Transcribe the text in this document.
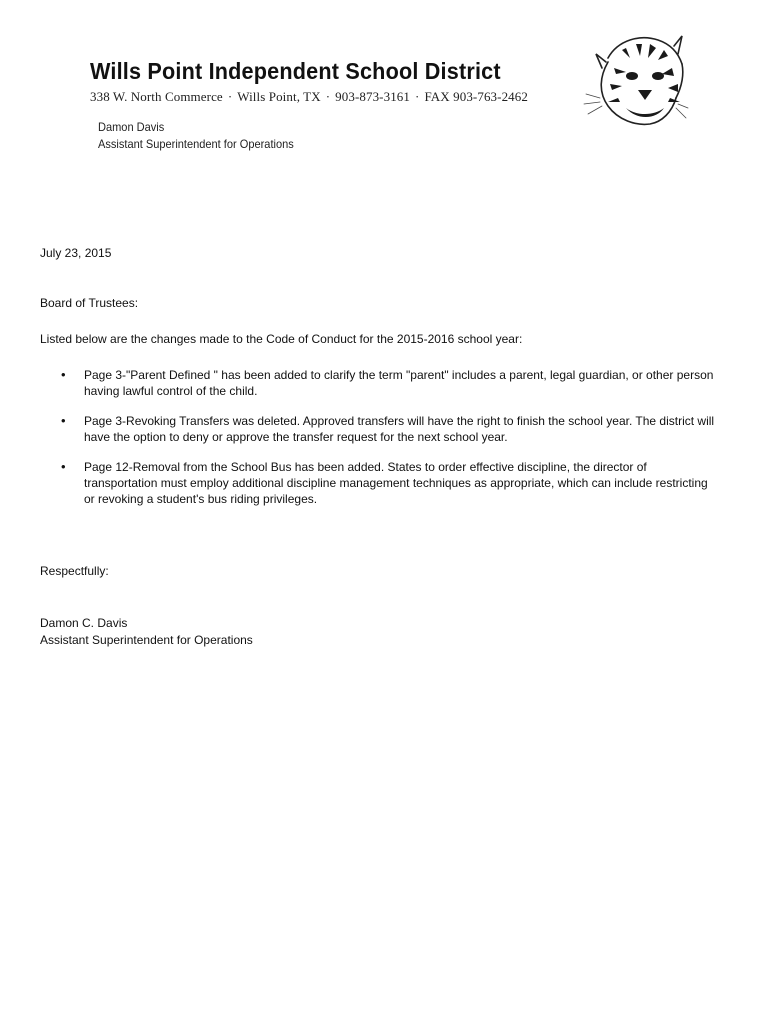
Wills Point Independent School District
338 W. North Commerce · Wills Point, TX · 903-873-3161 · FAX 903-763-2462
Damon Davis
Assistant Superintendent for Operations
July 23, 2015
Board of Trustees:
Listed below are the changes made to the Code of Conduct for the 2015-2016 school year:
• Page 3-"Parent Defined " has been added to clarify the term "parent" includes a parent, legal guardian, or other person having lawful control of the child.
• Page 3-Revoking Transfers was deleted. Approved transfers will have the right to finish the school year. The district will have the option to deny or approve the transfer request for the next school year.
• Page 12-Removal from the School Bus has been added. States to order effective discipline, the director of transportation must employ additional discipline management techniques as appropriate, which can include restricting or revoking a student's bus riding privileges.
Respectfully:
Damon C. Davis
Assistant Superintendent for Operations
